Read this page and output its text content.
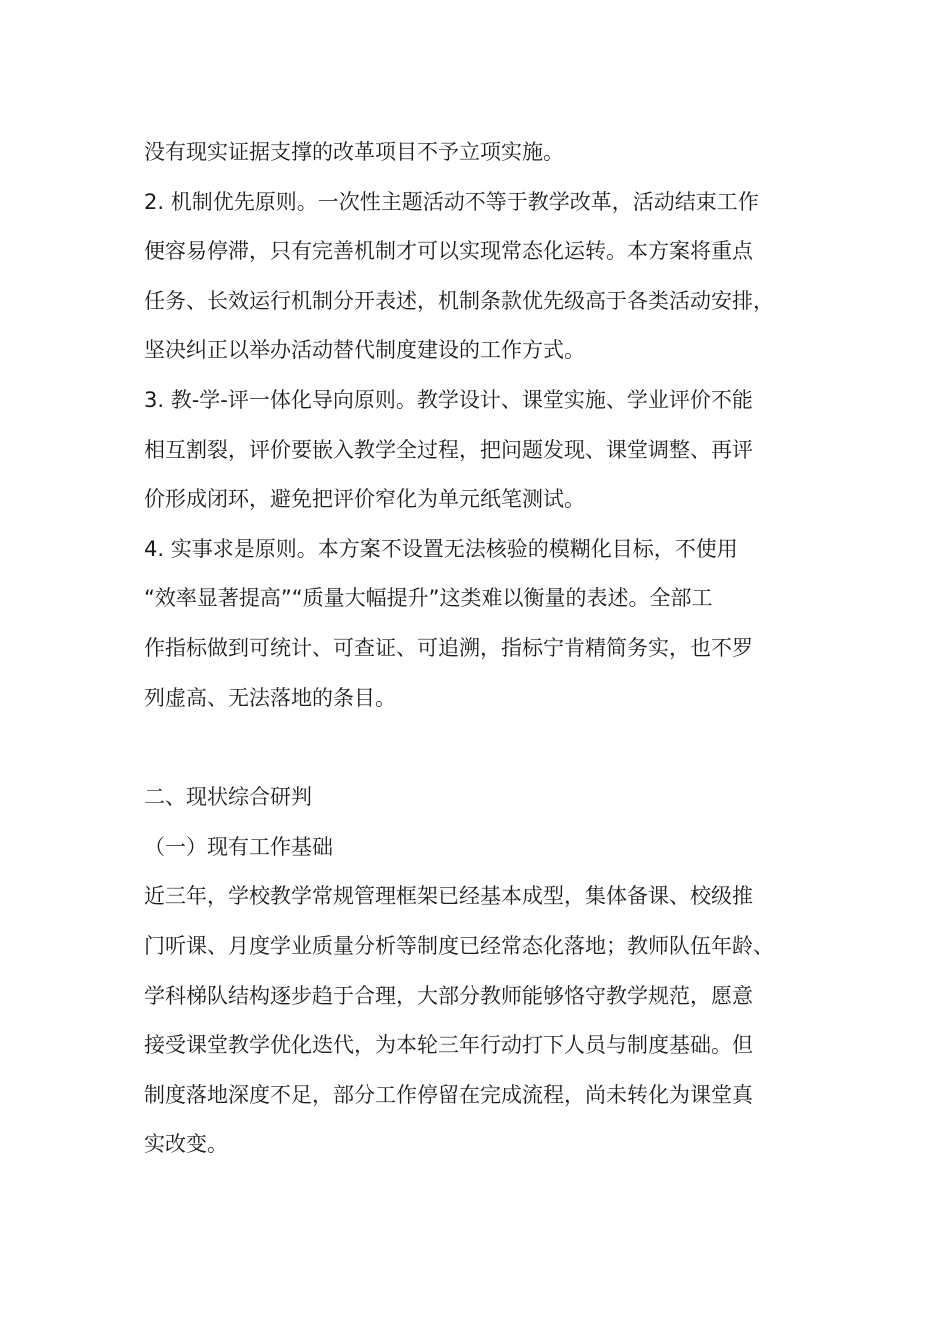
没有现实证据支撑的改革项目不予立项实施。
2. 机制优先原则。一次性主题活动不等于教学改革，活动结束工作
便容易停滞，只有完善机制才可以实现常态化运转。本方案将重点
任务、长效运行机制分开表述，机制条款优先级高于各类活动安排，
坚决纠正以举办活动替代制度建设的工作方式。
3. 教-学-评一体化导向原则。教学设计、课堂实施、学业评价不能
相互割裂，评价要嵌入教学全过程，把问题发现、课堂调整、再评
价形成闭环，避免把评价窄化为单元纸笔测试。
4. 实事求是原则。本方案不设置无法核验的模糊化目标，不使用
“效率显著提高”“质量大幅提升”这类难以衡量的表述。全部工
作指标做到可统计、可查证、可追溯，指标宁肯精简务实，也不罗
列虚高、无法落地的条目。
二、现状综合研判
（一）现有工作基础
近三年，学校教学常规管理框架已经基本成型，集体备课、校级推
门听课、月度学业质量分析等制度已经常态化落地；教师队伍年龄、
学科梯队结构逐步趋于合理，大部分教师能够恪守教学规范，愿意
接受课堂教学优化迭代，为本轮三年行动打下人员与制度基础。但
制度落地深度不足，部分工作停留在完成流程，尚未转化为课堂真
实改变。
